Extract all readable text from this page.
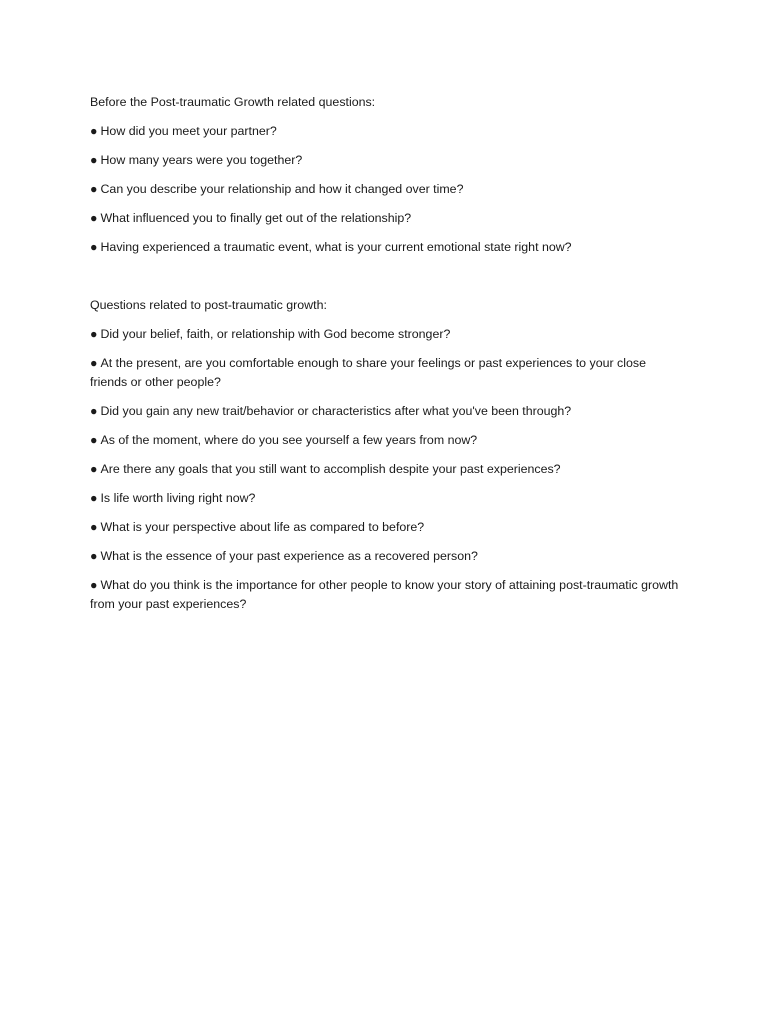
Before the Post-traumatic Growth related questions:

● How did you meet your partner?

● How many years were you together?

● Can you describe your relationship and how it changed over time?

● What influenced you to finally get out of the relationship?

● Having experienced a traumatic event, what is your current emotional state right now?

Questions related to post-traumatic growth:

● Did your belief, faith, or relationship with God become stronger?

● At the present, are you comfortable enough to share your feelings or past experiences to your close friends or other people?

● Did you gain any new trait/behavior or characteristics after what you've been through?

● As of the moment, where do you see yourself a few years from now?

● Are there any goals that you still want to accomplish despite your past experiences?

● Is life worth living right now?

● What is your perspective about life as compared to before?

● What is the essence of your past experience as a recovered person?

● What do you think is the importance for other people to know your story of attaining post-traumatic growth from your past experiences?
